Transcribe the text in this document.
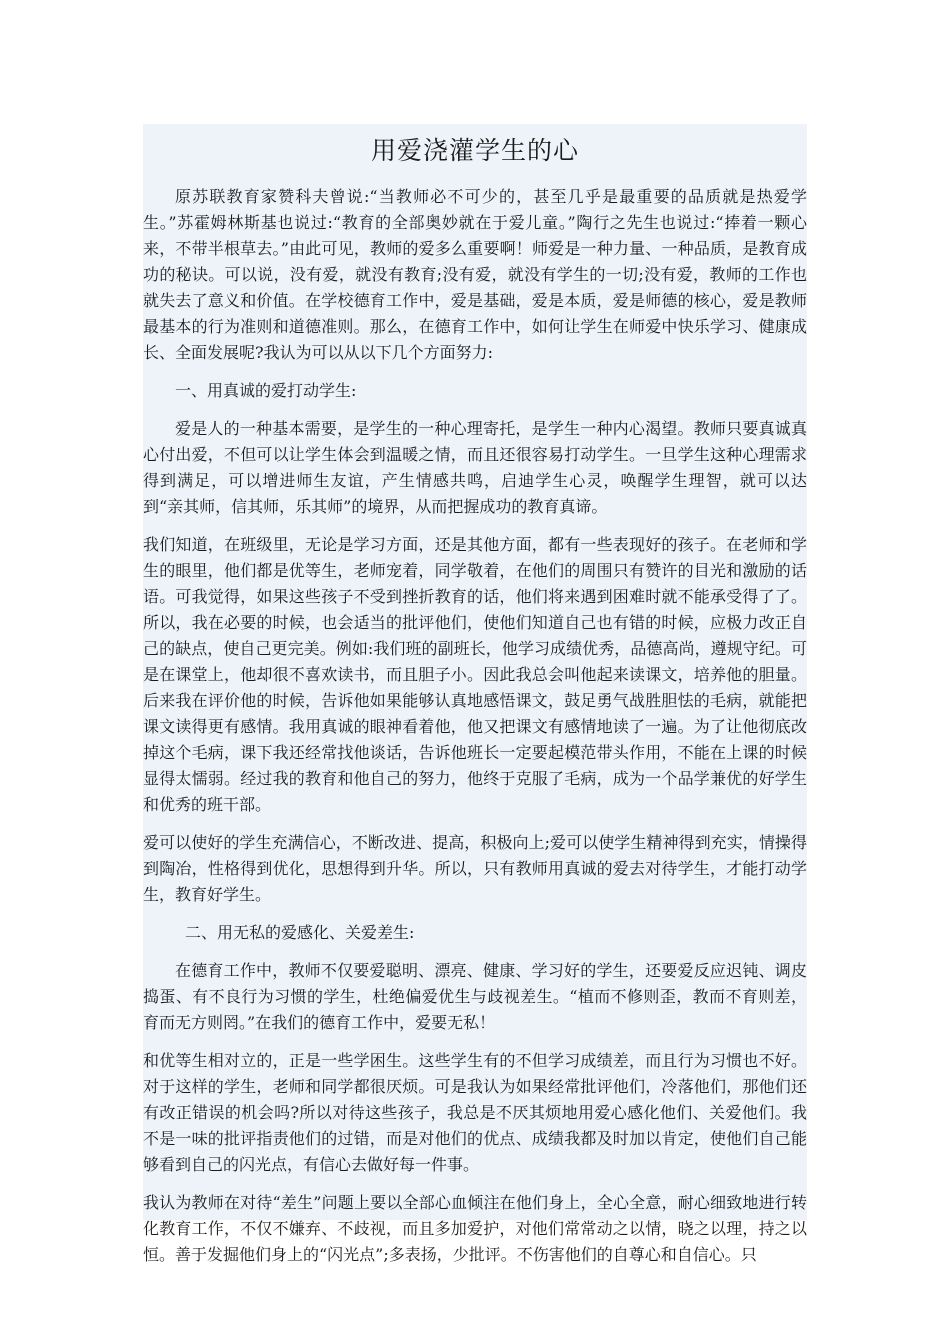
用爱浇灌学生的心

原苏联教育家赞科夫曾说:“当教师必不可少的，甚至几乎是最重要的品质就是热爱学生。”苏霍姆林斯基也说过:“教育的全部奥妙就在于爱儿童。”陶行之先生也说过:“捧着一颗心来，不带半根草去。”由此可见，教师的爱多么重要啊！师爱是一种力量、一种品质，是教育成功的秘诀。可以说，没有爱，就没有教育;没有爱，就没有学生的一切;没有爱，教师的工作也就失去了意义和价值。在学校德育工作中，爱是基础，爱是本质，爱是师德的核心，爱是教师最基本的行为准则和道德准则。那么，在德育工作中，如何让学生在师爱中快乐学习、健康成长、全面发展呢?我认为可以从以下几个方面努力:

一、用真诚的爱打动学生:

爱是人的一种基本需要，是学生的一种心理寄托，是学生一种内心渴望。教师只要真诚真心付出爱，不但可以让学生体会到温暖之情，而且还很容易打动学生。一旦学生这种心理需求得到满足，可以增进师生友谊，产生情感共鸣，启迪学生心灵，唤醒学生理智，就可以达到“亲其师，信其师，乐其师”的境界，从而把握成功的教育真谛。

我们知道，在班级里，无论是学习方面，还是其他方面，都有一些表现好的孩子。在老师和学生的眼里，他们都是优等生，老师宠着，同学敬着，在他们的周围只有赞许的目光和激励的话语。可我觉得，如果这些孩子不受到挫折教育的话，他们将来遇到困难时就不能承受得了了。所以，我在必要的时候，也会适当的批评他们，使他们知道自己也有错的时候，应极力改正自己的缺点，使自己更完美。例如:我们班的副班长，他学习成绩优秀，品德高尚，遵规守纪。可是在课堂上，他却很不喜欢读书，而且胆子小。因此我总会叫他起来读课文，培养他的胆量。后来我在评价他的时候，告诉他如果能够认真地感悟课文，鼓足勇气战胜胆怯的毛病，就能把课文读得更有感情。我用真诚的眼神看着他，他又把课文有感情地读了一遍。为了让他彻底改掉这个毛病，课下我还经常找他谈话，告诉他班长一定要起模范带头作用，不能在上课的时候显得太懦弱。经过我的教育和他自己的努力，他终于克服了毛病，成为一个品学兼优的好学生和优秀的班干部。

爱可以使好的学生充满信心，不断改进、提高，积极向上;爱可以使学生精神得到充实，情操得到陶冶，性格得到优化，思想得到升华。所以，只有教师用真诚的爱去对待学生，才能打动学生，教育好学生。

二、用无私的爱感化、关爱差生:

在德育工作中，教师不仅要爱聪明、漂亮、健康、学习好的学生，还要爱反应迟钝、调皮捣蛋、有不良行为习惯的学生，杜绝偏爱优生与歧视差生。“植而不修则歪，教而不育则差，育而无方则罔。”在我们的德育工作中，爱要无私！

和优等生相对立的，正是一些学困生。这些学生有的不但学习成绩差，而且行为习惯也不好。对于这样的学生，老师和同学都很厌烦。可是我认为如果经常批评他们，冷落他们，那他们还有改正错误的机会吗?所以对待这些孩子，我总是不厌其烦地用爱心感化他们、关爱他们。我不是一味的批评指责他们的过错，而是对他们的优点、成绩我都及时加以肯定，使他们自己能够看到自己的闪光点，有信心去做好每一件事。

我认为教师在对待“差生”问题上要以全部心血倾注在他们身上，全心全意，耐心细致地进行转化教育工作，不仅不嫌弃、不歧视，而且多加爱护，对他们常常动之以情，晓之以理，持之以恒。善于发掘他们身上的“闪光点”;多表扬，少批评。不伤害他们的自尊心和自信心。只
